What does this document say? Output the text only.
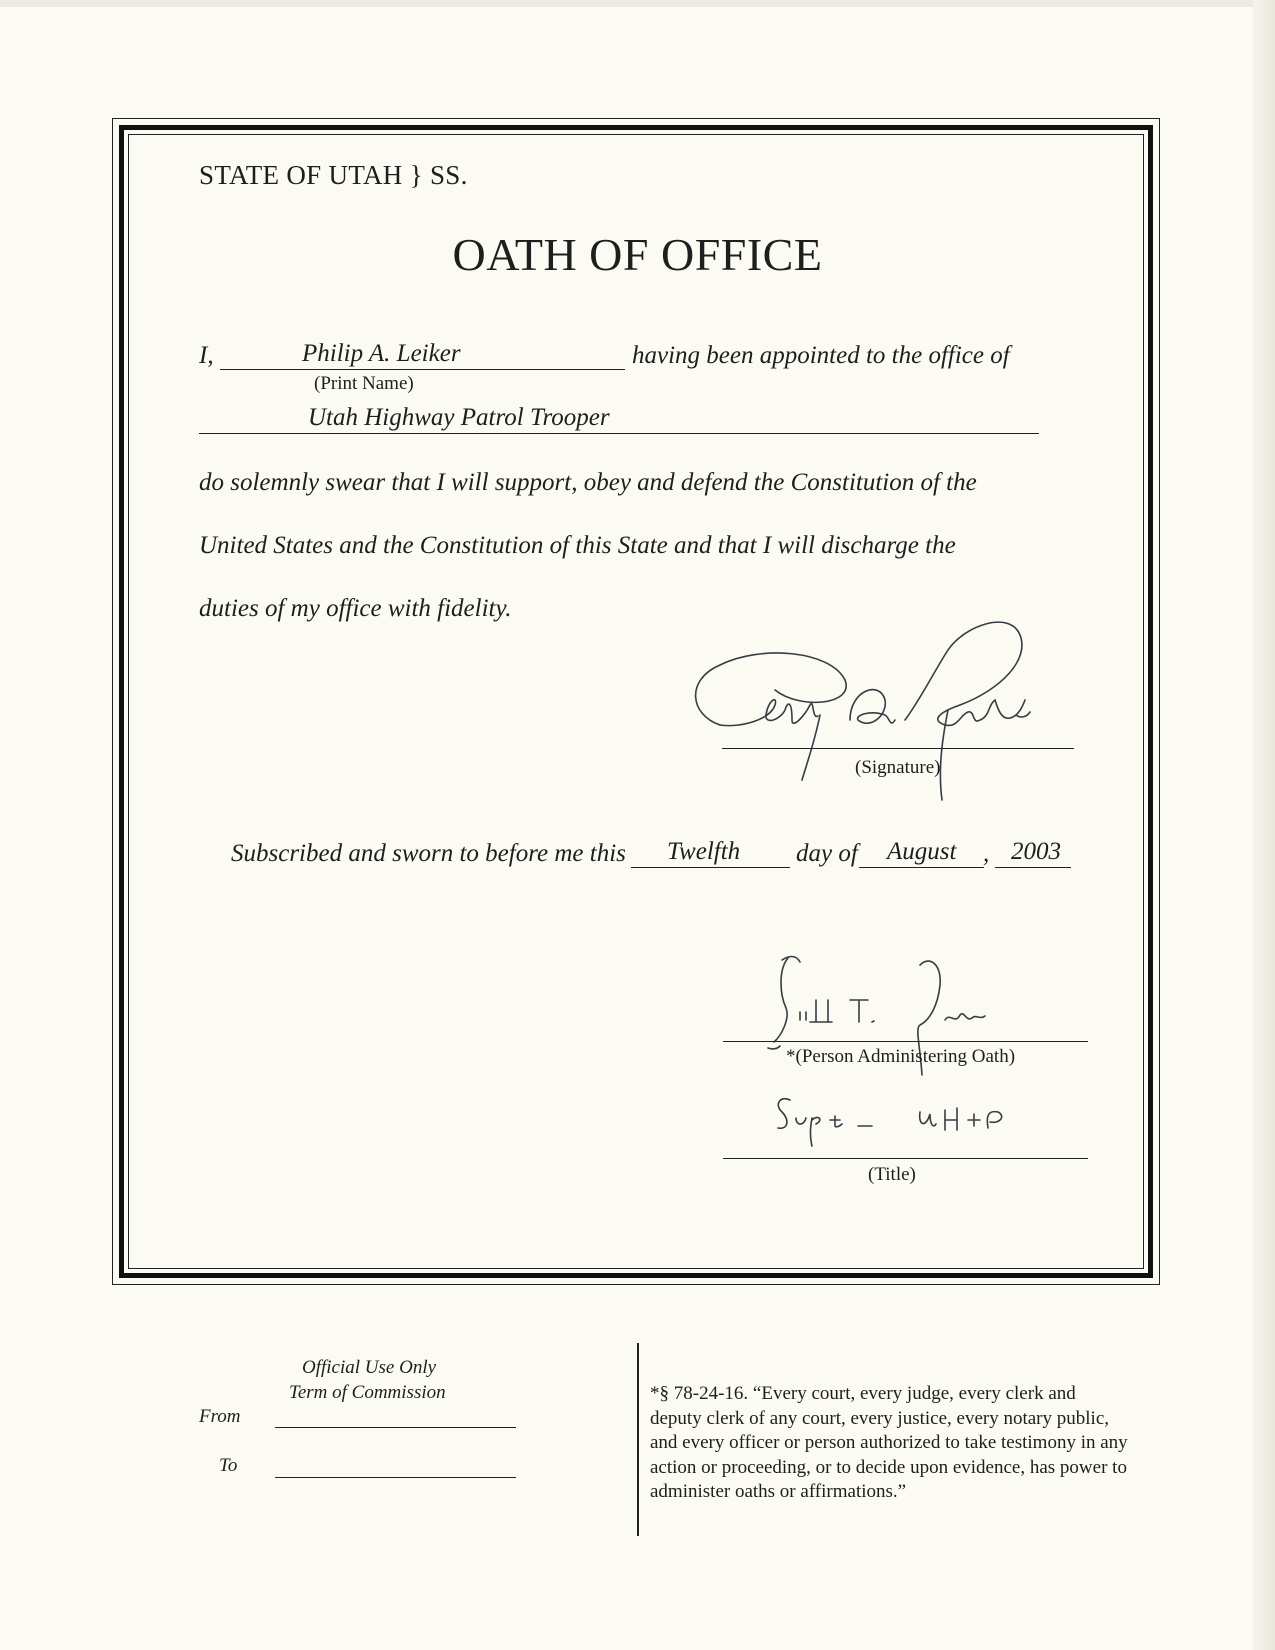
STATE OF UTAH } SS.
OATH OF OFFICE
I,	Philip A. Leiker	having been appointed to the office of
(Print Name)
Utah Highway Patrol Trooper
do solemnly swear that I will support, obey and defend the Constitution of the
United States and the Constitution of this State and that I will discharge the
duties of my office with fidelity.
(Signature)
Subscribed and sworn to before me this Twelfth day of August , 2003
*(Person Administering Oath)
(Title)
Official Use Only
Term of Commission
From
To
*§ 78-24-16. “Every court, every judge, every clerk and deputy clerk of any court, every justice, every notary public, and every officer or person authorized to take testimony in any action or proceeding, or to decide upon evidence, has power to administer oaths or affirmations.”
